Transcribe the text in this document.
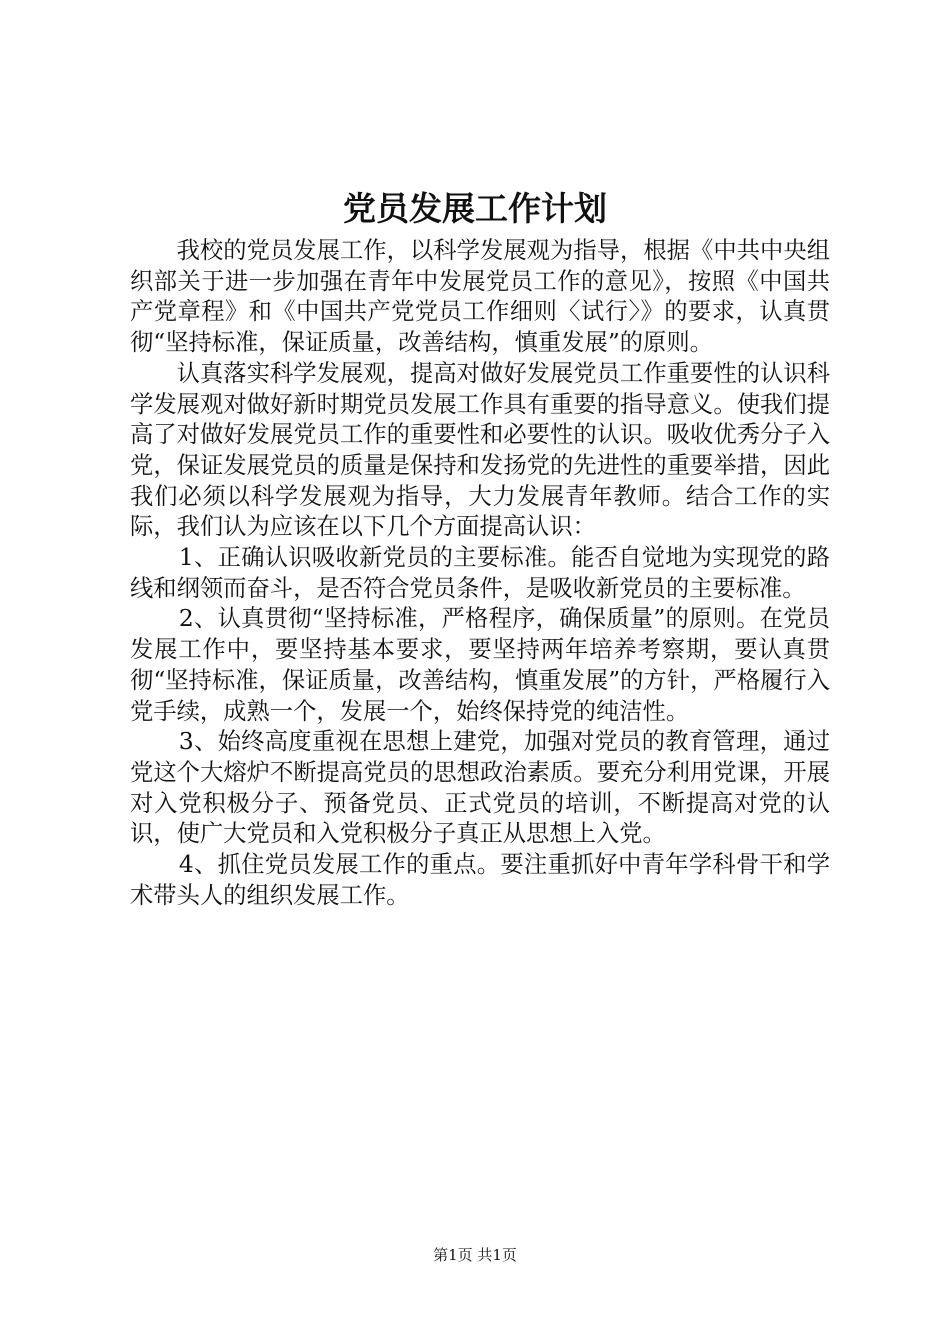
党员发展工作计划

我校的党员发展工作，以科学发展观为指导，根据《中共中央组织部关于进一步加强在青年中发展党员工作的意见》，按照《中国共产党章程》和《中国共产党党员工作细则〈试行〉》的要求，认真贯彻“坚持标准，保证质量，改善结构，慎重发展”的原则。

认真落实科学发展观，提高对做好发展党员工作重要性的认识科学发展观对做好新时期党员发展工作具有重要的指导意义。使我们提高了对做好发展党员工作的重要性和必要性的认识。吸收优秀分子入党，保证发展党员的质量是保持和发扬党的先进性的重要举措，因此我们必须以科学发展观为指导，大力发展青年教师。结合工作的实际，我们认为应该在以下几个方面提高认识：

1、正确认识吸收新党员的主要标准。能否自觉地为实现党的路线和纲领而奋斗，是否符合党员条件，是吸收新党员的主要标准。

2、认真贯彻“坚持标准，严格程序，确保质量”的原则。在党员发展工作中，要坚持基本要求，要坚持两年培养考察期，要认真贯彻“坚持标准，保证质量，改善结构，慎重发展”的方针，严格履行入党手续，成熟一个，发展一个，始终保持党的纯洁性。

3、始终高度重视在思想上建党，加强对党员的教育管理，通过党这个大熔炉不断提高党员的思想政治素质。要充分利用党课，开展对入党积极分子、预备党员、正式党员的培训，不断提高对党的认识，使广大党员和入党积极分子真正从思想上入党。

4、抓住党员发展工作的重点。要注重抓好中青年学科骨干和学术带头人的组织发展工作。

第1页 共1页
